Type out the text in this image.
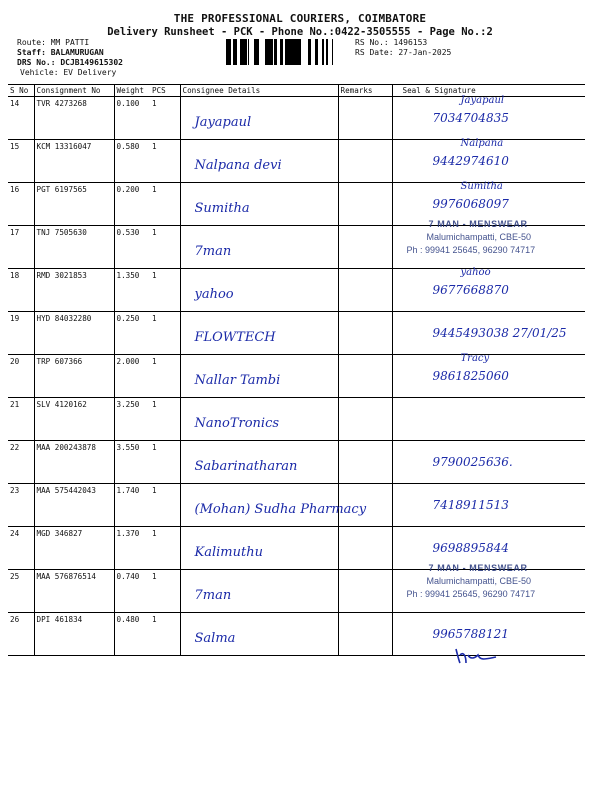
THE PROFESSIONAL COURIERS, COIMBATORE
Delivery Runsheet - PCK - Phone No.:0422-3505555 - Page No.:2
Route: MM PATTI
Staff: BALAMURUGAN
DRS No.: DCJB149615302
Vehicle: EV Delivery
RS No.: 1496153
RS Date: 27-Jan-2025
S No	Consignment No	Weight	PCS	Consignee Details	Remarks	Seal & Signature
14	TVR 4273268	0.100	1	Jayapaul		Jayapaul
7034704835

15	KCM 13316047	0.580	1	Nalpana devi		Nalpana
9442974610

16	PGT 6197565	0.200	1	Sumitha		Sumitha
9976068097

17	TNJ 7505630	0.530	1	7man		7 MAN - MENSWEAR
Malumichampatti, CBE-50
Ph : 99941 25645, 96290 74717

18	RMD 3021853	1.350	1	yahoo		yahoo
9677668870

19	HYD 84032280	0.250	1	FLOWTECH		9445493038 27/01/25

20	TRP 607366	2.000	1	Nallar Tambi		Tracy
9861825060

21	SLV 4120162	3.250	1	NanoTronics		

22	MAA 200243878	3.550	1	Sabarinatharan		9790025636.

23	MAA 575442043	1.740	1	(Mohan) Sudha Pharmacy		7418911513

24	MGD 346827	1.370	1	Kalimuthu		9698895844

25	MAA 576876514	0.740	1	7man		7 MAN - MENSWEAR
Malumichampatti, CBE-50
Ph : 99941 25645, 96290 74717

26	DPI 461834	0.480	1	Salma		9965788121
